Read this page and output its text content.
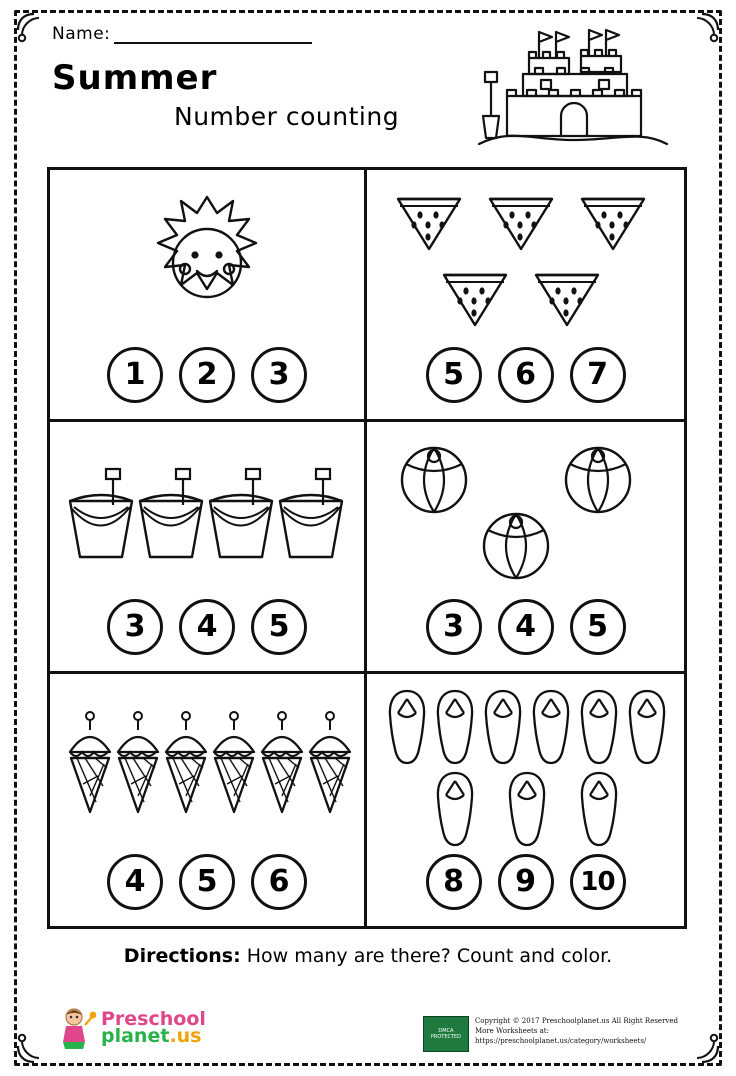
Name:
Summer
Number counting
1	2	3	5	6	7
3	4	5	3	4	5
4	5	6	8	9	10
Directions: How many are there? Count and color.
Preschool
planet.us	DMCA
PROTECTED
Copyright © 2017 Preschoolplanet.us All Right Reserved
More Worksheets at:
https://preschoolplanet.us/category/worksheets/
